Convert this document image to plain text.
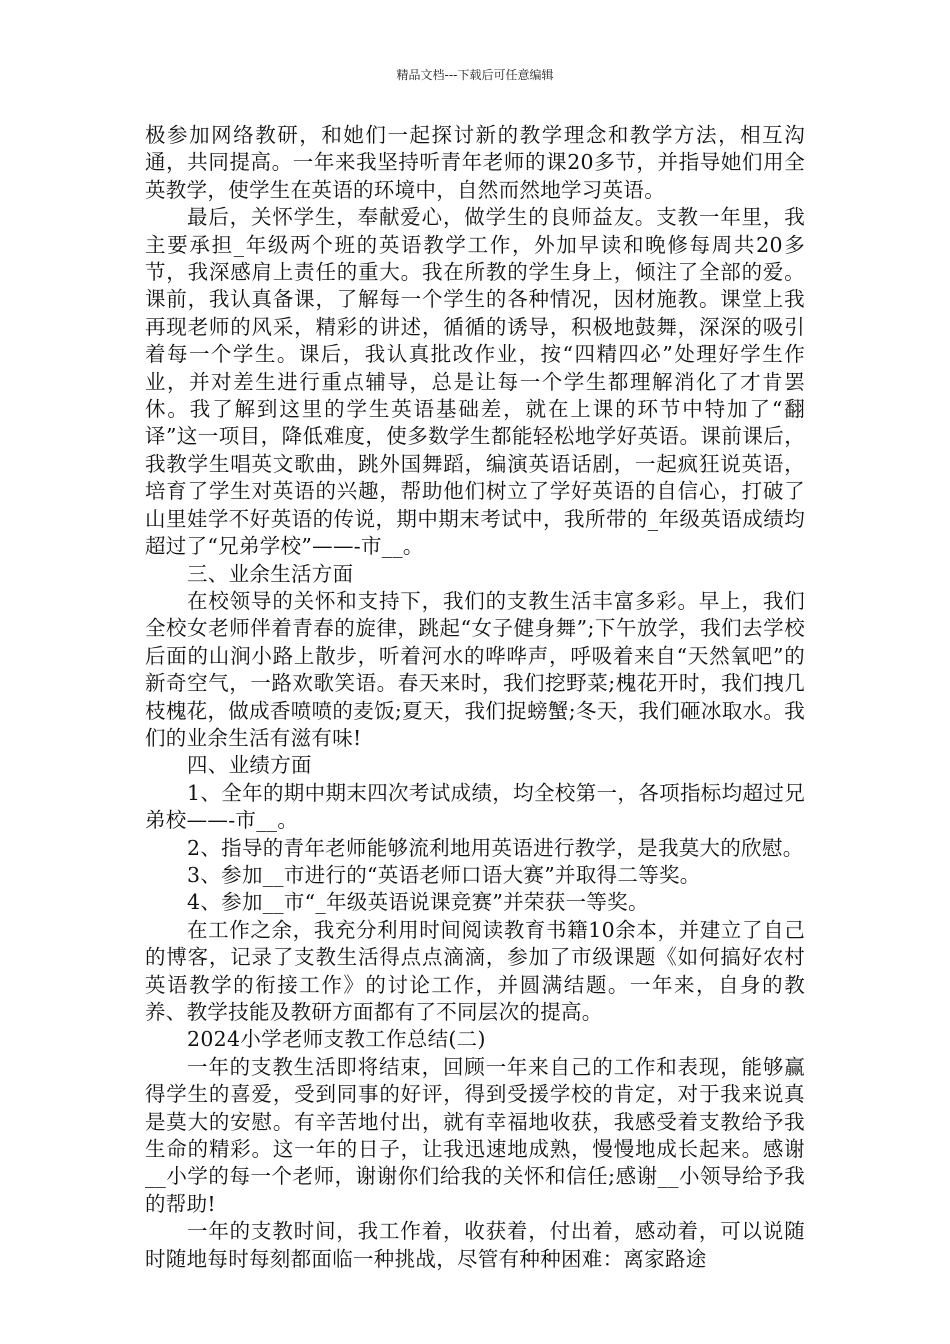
精品文档---下载后可任意编辑

极参加网络教研，和她们一起探讨新的教学理念和教学方法，相互沟通，共同提高。一年来我坚持听青年老师的课20多节，并指导她们用全英教学，使学生在英语的环境中，自然而然地学习英语。

最后，关怀学生，奉献爱心，做学生的良师益友。支教一年里，我主要承担_年级两个班的英语教学工作，外加早读和晚修每周共20多节，我深感肩上责任的重大。我在所教的学生身上，倾注了全部的爱。课前，我认真备课，了解每一个学生的各种情况，因材施教。课堂上我再现老师的风采，精彩的讲述，循循的诱导，积极地鼓舞，深深的吸引着每一个学生。课后，我认真批改作业，按“四精四必”处理好学生作业，并对差生进行重点辅导，总是让每一个学生都理解消化了才肯罢休。我了解到这里的学生英语基础差，就在上课的环节中特加了“翻译”这一项目，降低难度，使多数学生都能轻松地学好英语。课前课后，我教学生唱英文歌曲，跳外国舞蹈，编演英语话剧，一起疯狂说英语，培育了学生对英语的兴趣，帮助他们树立了学好英语的自信心，打破了山里娃学不好英语的传说，期中期末考试中，我所带的_年级英语成绩均超过了“兄弟学校”——-市__。

三、业余生活方面

在校领导的关怀和支持下，我们的支教生活丰富多彩。早上，我们全校女老师伴着青春的旋律，跳起“女子健身舞”;下午放学，我们去学校后面的山涧小路上散步，听着河水的哗哗声，呼吸着来自“天然氧吧”的新奇空气，一路欢歌笑语。春天来时，我们挖野菜;槐花开时，我们拽几枝槐花，做成香喷喷的麦饭;夏天，我们捉螃蟹;冬天，我们砸冰取水。我们的业余生活有滋有味!

四、业绩方面

1、全年的期中期末四次考试成绩，均全校第一，各项指标均超过兄弟校——-市__。

2、指导的青年老师能够流利地用英语进行教学，是我莫大的欣慰。

3、参加__市进行的“英语老师口语大赛”并取得二等奖。

4、参加__市“_年级英语说课竞赛”并荣获一等奖。

在工作之余，我充分利用时间阅读教育书籍10余本，并建立了自己的博客，记录了支教生活得点点滴滴，参加了市级课题《如何搞好农村英语教学的衔接工作》的讨论工作，并圆满结题。一年来，自身的教养、教学技能及教研方面都有了不同层次的提高。

2024小学老师支教工作总结(二)

一年的支教生活即将结束，回顾一年来自己的工作和表现，能够赢得学生的喜爱，受到同事的好评，得到受援学校的肯定，对于我来说真是莫大的安慰。有辛苦地付出，就有幸福地收获，我感受着支教给予我生命的精彩。这一年的日子，让我迅速地成熟，慢慢地成长起来。感谢__小学的每一个老师，谢谢你们给我的关怀和信任;感谢__小领导给予我的帮助!

一年的支教时间，我工作着，收获着，付出着，感动着，可以说随时随地每时每刻都面临一种挑战，尽管有种种困难：离家路途
